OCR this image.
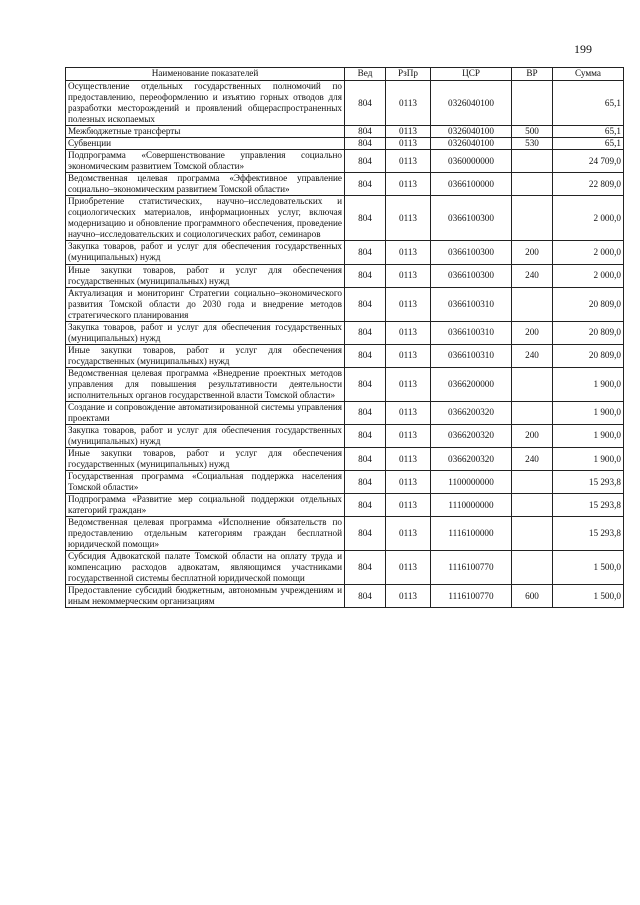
199
Наименование показателей	Вед	РзПр	ЦСР	ВР	Сумма
Осуществление отдельных государственных полномочий по предоставлению, переоформлению и изъятию горных отводов для разработки месторождений и проявлений общераспространенных полезных ископаемых	804	0113	0326040100		65,1
Межбюджетные трансферты	804	0113	0326040100	500	65,1
Субвенции	804	0113	0326040100	530	65,1
Подпрограмма «Совершенствование управления социально экономическим развитием Томской области»	804	0113	0360000000		24 709,0
Ведомственная целевая программа «Эффективное управление социально–экономическим развитием Томской области»	804	0113	0366100000		22 809,0
Приобретение статистических, научно–исследовательских и социологических материалов, информационных услуг, включая модернизацию и обновление программного обеспечения, проведение научно–исследовательских и социологических работ, семинаров	804	0113	0366100300		2 000,0
Закупка товаров, работ и услуг для обеспечения государственных (муниципальных) нужд	804	0113	0366100300	200	2 000,0
Иные закупки товаров, работ и услуг для обеспечения государственных (муниципальных) нужд	804	0113	0366100300	240	2 000,0
Актуализация и мониторинг Стратегии социально–экономического развития Томской области до 2030 года и внедрение методов стратегического планирования	804	0113	0366100310		20 809,0
Закупка товаров, работ и услуг для обеспечения государственных (муниципальных) нужд	804	0113	0366100310	200	20 809,0
Иные закупки товаров, работ и услуг для обеспечения государственных (муниципальных) нужд	804	0113	0366100310	240	20 809,0
Ведомственная целевая программа «Внедрение проектных методов управления для повышения результативности деятельности исполнительных органов государственной власти Томской области»	804	0113	0366200000		1 900,0
Создание и сопровождение автоматизированной системы управления проектами	804	0113	0366200320		1 900,0
Закупка товаров, работ и услуг для обеспечения государственных (муниципальных) нужд	804	0113	0366200320	200	1 900,0
Иные закупки товаров, работ и услуг для обеспечения государственных (муниципальных) нужд	804	0113	0366200320	240	1 900,0
Государственная программа «Социальная поддержка населения Томской области»	804	0113	1100000000		15 293,8
Подпрограмма «Развитие мер социальной поддержки отдельных категорий граждан»	804	0113	1110000000		15 293,8
Ведомственная целевая программа «Исполнение обязательств по предоставлению отдельным категориям граждан бесплатной юридической помощи»	804	0113	1116100000		15 293,8
Субсидия Адвокатской палате Томской области на оплату труда и компенсацию расходов адвокатам, являющимся участниками государственной системы бесплатной юридической помощи	804	0113	1116100770		1 500,0
Предоставление субсидий бюджетным, автономным учреждениям и иным некоммерческим организациям	804	0113	1116100770	600	1 500,0
